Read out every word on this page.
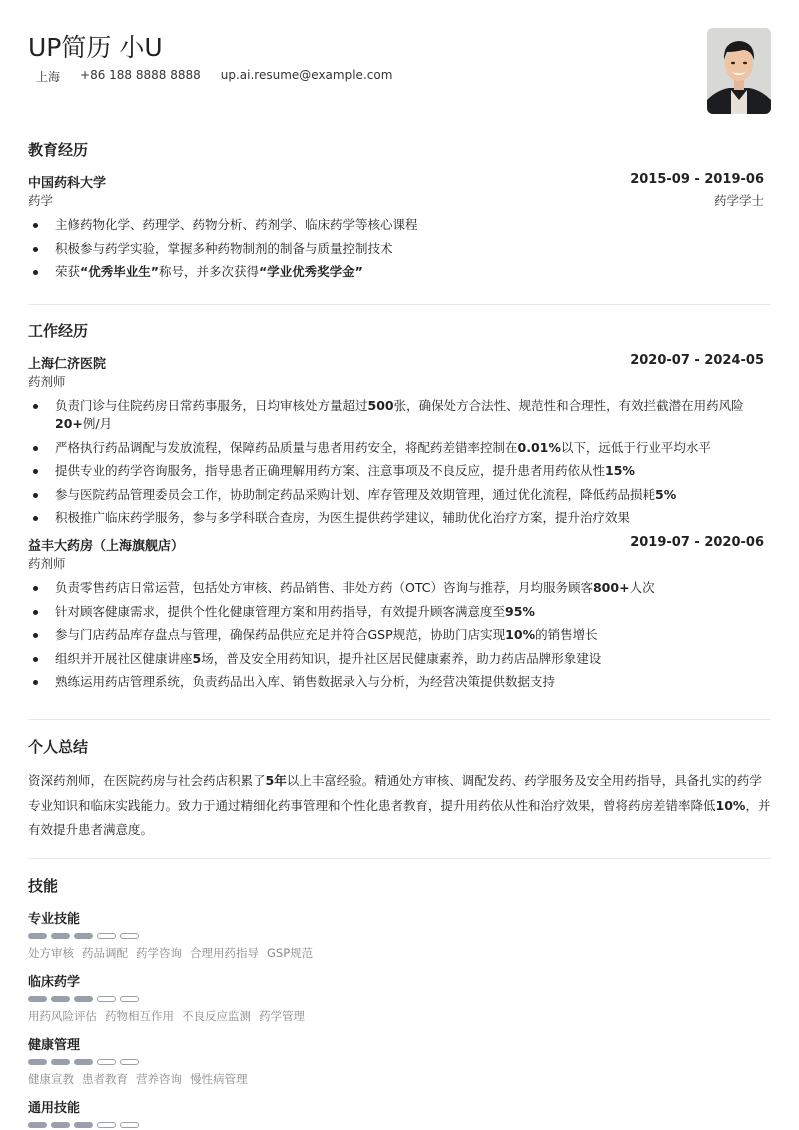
UP简历 小U
上海 +86 188 8888 8888 up.ai.resume@example.com
教育经历
中国药科大学	2015-09 - 2019-06
药学	药学学士
主修药物化学、药理学、药物分析、药剂学、临床药学等核心课程
积极参与药学实验，掌握多种药物制剂的制备与质量控制技术
荣获“优秀毕业生”称号，并多次获得“学业优秀奖学金”
工作经历
上海仁济医院	2020-07 - 2024-05
药剂师
负责门诊与住院药房日常药事服务，日均审核处方量超过500张，确保处方合法性、规范性和合理性，有效拦截潜在用药风险20+例/月
严格执行药品调配与发放流程，保障药品质量与患者用药安全，将配药差错率控制在0.01%以下，远低于行业平均水平
提供专业的药学咨询服务，指导患者正确理解用药方案、注意事项及不良反应，提升患者用药依从性15%
参与医院药品管理委员会工作，协助制定药品采购计划、库存管理及效期管理，通过优化流程，降低药品损耗5%
积极推广临床药学服务，参与多学科联合查房，为医生提供药学建议，辅助优化治疗方案，提升治疗效果
益丰大药房（上海旗舰店）	2019-07 - 2020-06
药剂师
负责零售药店日常运营，包括处方审核、药品销售、非处方药（OTC）咨询与推荐，月均服务顾客800+人次
针对顾客健康需求，提供个性化健康管理方案和用药指导，有效提升顾客满意度至95%
参与门店药品库存盘点与管理，确保药品供应充足并符合GSP规范，协助门店实现10%的销售增长
组织并开展社区健康讲座5场，普及安全用药知识，提升社区居民健康素养，助力药店品牌形象建设
熟练运用药店管理系统，负责药品出入库、销售数据录入与分析，为经营决策提供数据支持
个人总结

资深药剂师，在医院药房与社会药店积累了5年以上丰富经验。精通处方审核、调配发药、药学服务及安全用药指导，具备扎实的药学专业知识和临床实践能力。致力于通过精细化药事管理和个性化患者教育，提升用药依从性和治疗效果，曾将药房差错率降低10%，并有效提升患者满意度。

技能
专业技能
处方审核 药品调配 药学咨询 合理用药指导 GSP规范
临床药学
用药风险评估 药物相互作用 不良反应监测 药学管理
健康管理
健康宣教 患者教育 营养咨询 慢性病管理
通用技能
